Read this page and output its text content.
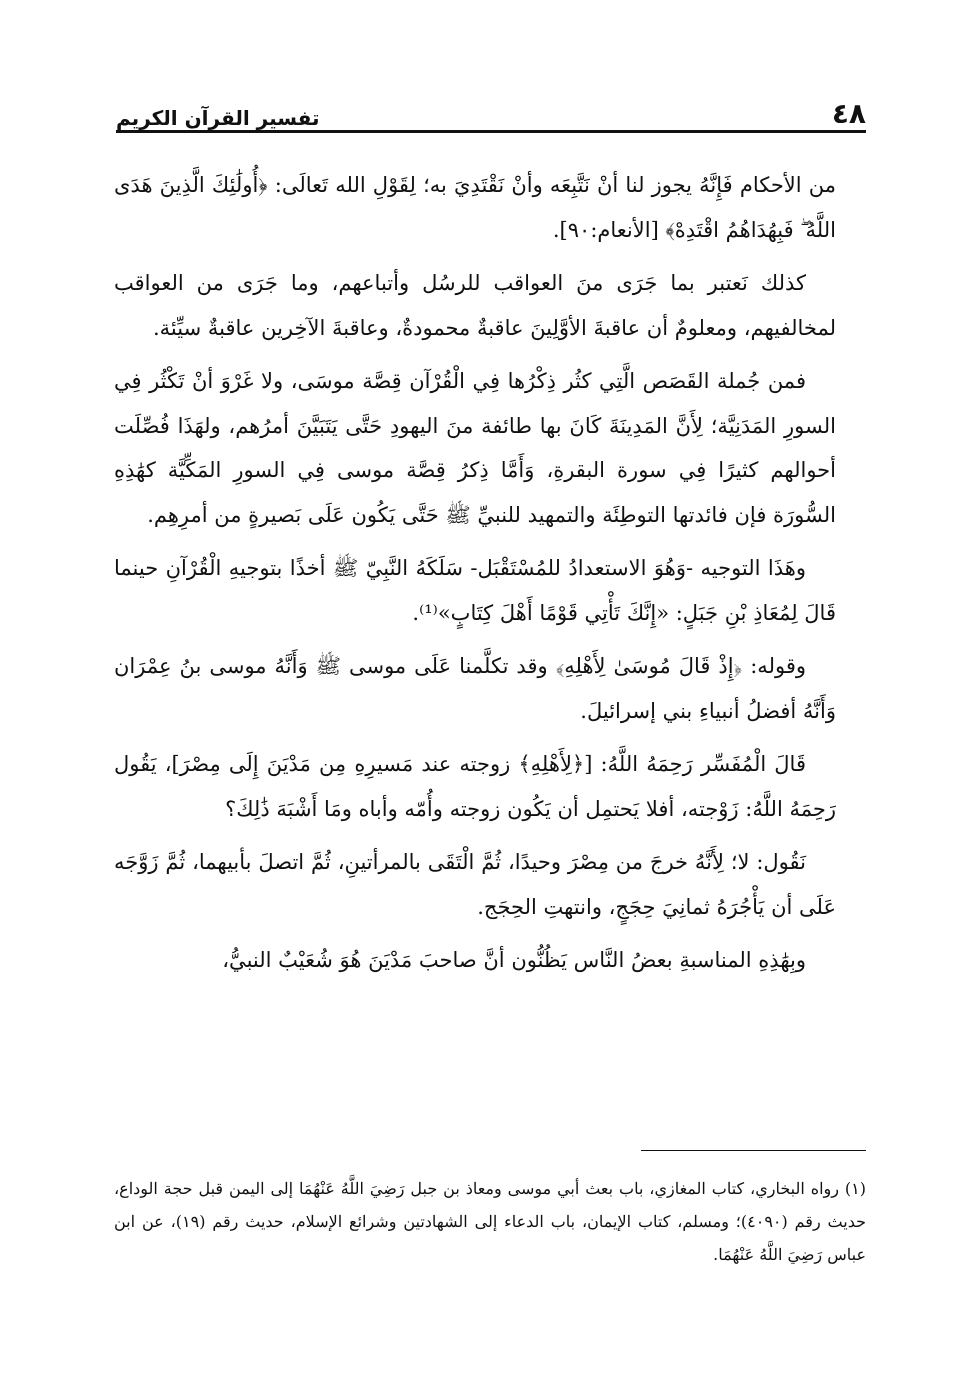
٤٨
تفسير القرآن الكريم

من الأحكام فَإِنَّهُ يجوز لنا أنْ نَتَّبِعَه وأنْ نَقْتَدِيَ به؛ لِقَوْلِ الله تَعالَى: ﴿أُولَٰئِكَ الَّذِينَ هَدَى اللَّهُ ۖ فَبِهُدَاهُمُ اقْتَدِهْ﴾ [الأنعام:٩٠].

كذلك نَعتبر بما جَرَى منَ العواقب للرسُل وأتباعهم، وما جَرَى من العواقب لمخالفيهم، ومعلومٌ أن عاقبةَ الأوَّلِينَ عاقبةٌ محمودةٌ، وعاقبةَ الآخِرين عاقبةٌ سيِّئة.

فمن جُملة القَصَص الَّتِي كثُر ذِكْرُها فِي الْقُرْآن قِصَّة موسَى، ولا غَرْوَ أنْ تَكْثُر فِي السورِ المَدَنِيَّة؛ لِأَنَّ المَدِينَةَ كَانَ بها طائفة منَ اليهودِ حَتَّى يَتَبَيَّنَ أمرُهم، ولهَذَا فُصِّلَت أحوالهم كثيرًا فِي سورة البقرةِ، وَأَمَّا ذِكرُ قِصَّة موسى فِي السورِ المَكِّيَّة كهَٰذِهِ السُّورَة فإن فائدتها التوطِئَة والتمهيد للنبيِّ ﷺ حَتَّى يَكُون عَلَى بَصيرةٍ من أمرِهِم.

وهَذَا التوجيه -وَهُوَ الاستعدادُ للمُسْتَقْبَل- سَلَكَهُ النَّبِيّ ﷺ أخذًا بتوجيهِ الْقُرْآنِ حينما قَالَ لِمُعَاذِ بْنِ جَبَلٍ: «إِنَّكَ تَأْتِي قَوْمًا أَهْلَ كِتَابٍ»⁽¹⁾.

وقوله: ﴿إِذْ قَالَ مُوسَىٰ لِأَهْلِهِ﴾ وقد تكلَّمنا عَلَى موسى ﷺ وَأَنَّهُ موسى بنُ عِمْرَان وَأَنَّهُ أفضلُ أنبياءِ بني إسرائيلَ.

قَالَ الْمُفَسِّر رَحِمَهُ اللَّهُ: [﴿لِأَهْلِهِ﴾ زوجته عند مَسيرِهِ مِن مَدْيَنَ إِلَى مِصْرَ]، يَقُول رَحِمَهُ اللَّهُ: زَوْجته، أفلا يَحتمِل أن يَكُون زوجته وأُمّه وأباه ومَا أَشْبَهَ ذَٰلِكَ؟

نَقُول: لا؛ لِأَنَّهُ خرجَ من مِصْرَ وحيدًا، ثُمَّ الْتَقَى بالمرأتينِ، ثُمَّ اتصلَ بأبيهما، ثُمَّ زَوَّجَه عَلَى أن يَأْجُرَهُ ثمانِيَ حِجَجٍ، وانتهتِ الحِجَج.

وبِهَٰذِهِ المناسبةِ بعضُ النَّاس يَظُنُّون أنَّ صاحبَ مَدْيَنَ هُوَ شُعَيْبٌ النبيُّ،

(١) رواه البخاري، كتاب المغازي، باب بعث أبي موسى ومعاذ بن جبل رَضِيَ اللَّهُ عَنْهُمَا إلى اليمن قبل حجة الوداع، حديث رقم (٤٠٩٠)؛ ومسلم، كتاب الإيمان، باب الدعاء إلى الشهادتين وشرائع الإسلام، حديث رقم (١٩)، عن ابن عباس رَضِيَ اللَّهُ عَنْهُمَا.
